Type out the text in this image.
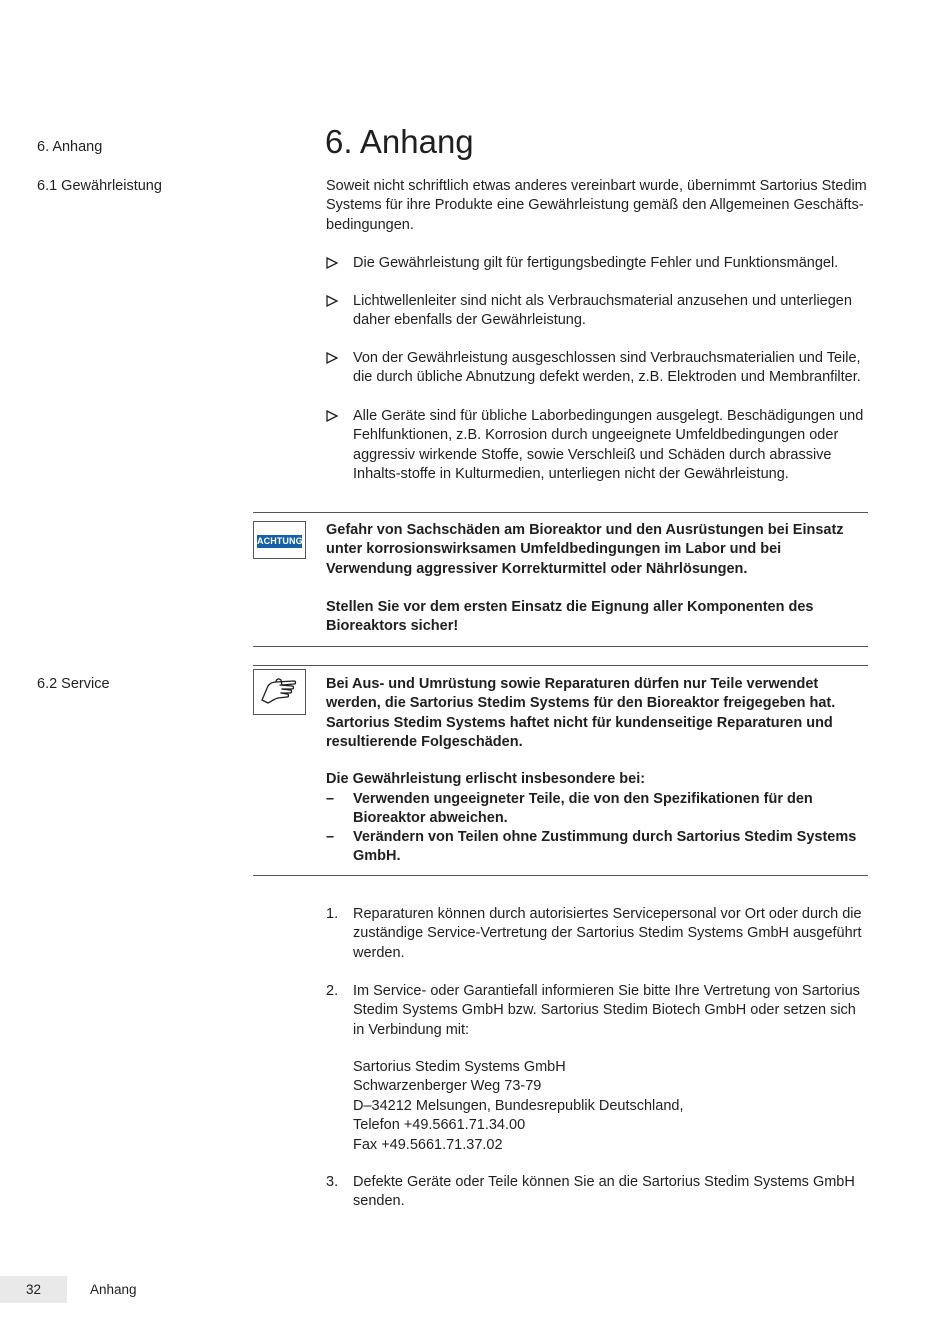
6. Anhang
6.1 Gewährleistung
6.2 Service
6. Anhang

Soweit nicht schriftlich etwas anderes vereinbart wurde, übernimmt Sartorius Stedim Systems für ihre Produkte eine Gewährleistung gemäß den Allgemeinen Geschäfts-bedingungen.

Die Gewährleistung gilt für fertigungsbedingte Fehler und Funktionsmängel.
Lichtwellenleiter sind nicht als Verbrauchsmaterial anzusehen und unterliegen daher ebenfalls der Gewährleistung.
Von der Gewährleistung ausgeschlossen sind Verbrauchsmaterialien und Teile, die durch übliche Abnutzung defekt werden, z.B. Elektroden und Membranfilter.
Alle Geräte sind für übliche Laborbedingungen ausgelegt. Beschädigungen und Fehlfunktionen, z.B. Korrosion durch ungeeignete Umfeldbedingungen oder aggressiv wirkende Stoffe, sowie Verschleiß und Schäden durch abrassive Inhalts-stoffe in Kulturmedien, unterliegen nicht der Gewährleistung.
ACHTUNG!

Gefahr von Sachschäden am Bioreaktor und den Ausrüstungen bei Einsatz unter korrosionswirksamen Umfeldbedingungen im Labor und bei Verwendung aggressiver Korrekturmittel oder Nährlösungen.

Stellen Sie vor dem ersten Einsatz die Eignung aller Komponenten des Bioreaktors sicher!

Bei Aus- und Umrüstung sowie Reparaturen dürfen nur Teile verwendet werden, die Sartorius Stedim Systems für den Bioreaktor freigegeben hat. Sartorius Stedim Systems haftet nicht für kundenseitige Reparaturen und resultierende Folgeschäden.

Die Gewährleistung erlischt insbesondere bei:

–	Verwenden ungeeigneter Teile, die von den Spezifikationen für den Bioreaktor abweichen.
–	Verändern von Teilen ohne Zustimmung durch Sartorius Stedim Systems GmbH.
1. Reparaturen können durch autorisiertes Servicepersonal vor Ort oder durch die zuständige Service-Vertretung der Sartorius Stedim Systems GmbH ausgeführt werden.
2. Im Service- oder Garantiefall informieren Sie bitte Ihre Vertretung von Sartorius Stedim Systems GmbH bzw. Sartorius Stedim Biotech GmbH oder setzen sich in Verbindung mit:
Sartorius Stedim Systems GmbH
Schwarzenberger Weg 73-79
D–34212 Melsungen, Bundesrepublik Deutschland,
Telefon +49.5661.71.34.00
Fax +49.5661.71.37.02
3. Defekte Geräte oder Teile können Sie an die Sartorius Stedim Systems GmbH senden.
32	Anhang
